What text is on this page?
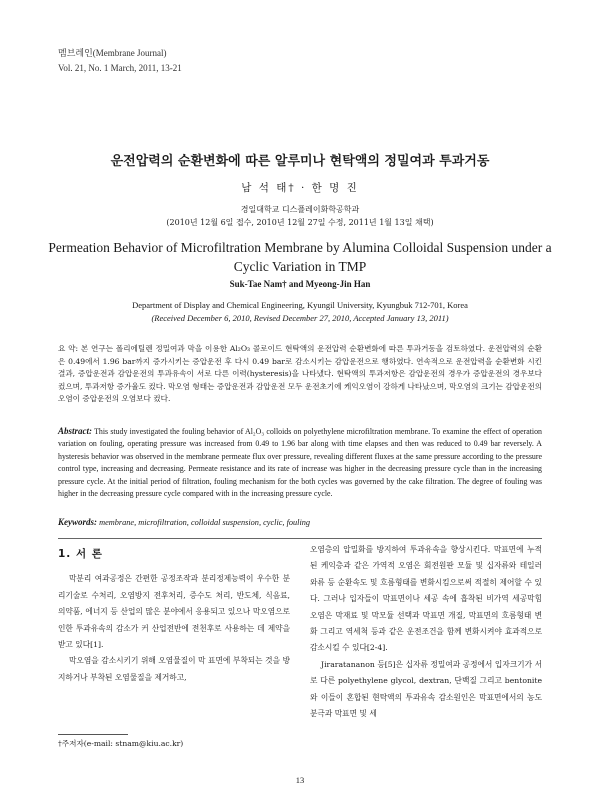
멤브레인(Membrane Journal)
Vol. 21, No. 1 March, 2011, 13-21
운전압력의 순환변화에 따른 알루미나 현탁액의 정밀여과 투과거동
남 석 태† · 한 명 진
경일대학교 디스플레이화학공학과
(2010년 12월 6일 접수, 2010년 12월 27일 수정, 2011년 1월 13일 채택)
Permeation Behavior of Microfiltration Membrane by Alumina Colloidal Suspension under a Cyclic Variation in TMP
Suk-Tae Nam† and Myeong-Jin Han
Department of Display and Chemical Engineering, Kyungil University, Kyungbuk 712-701, Korea
(Received December 6, 2010, Revised December 27, 2010, Accepted January 13, 2011)
요 약: 본 연구는 폴리에틸렌 정밀여과 막을 이용한 Al₂O₃ 콜로이드 현탁액의 운전압력 순환변화에 따른 투과거동을 검토하였다. 운전압력의 순환은 0.49에서 1.96 bar까지 증가시키는 증압운전 후 다시 0.49 bar로 감소시키는 감압운전으로 행하였다. 연속적으로 운전압력을 순환변화 시킨 결과, 증압운전과 감압운전의 투과유속이 서로 다른 이력(hysteresis)을 나타냈다. 현탁액의 투과저항은 감압운전의 경우가 증압운전의 경우보다 컸으며, 투과저항 증가율도 컸다. 막오염 형태는 증압운전과 감압운전 모두 운전초기에 케익오염이 강하게 나타났으며, 막오염의 크기는 감압운전의 오염이 증압운전의 오염보다 컸다.
Abstract: This study investigated the fouling behavior of Al₂O₃ colloids on polyethylene microfiltration membrane. To examine the effect of operation variation on fouling, operating pressure was increased from 0.49 to 1.96 bar along with time elapses and then was reduced to 0.49 bar reversely. A hysteresis behavior was observed in the membrane permeate flux over pressure, revealing different fluxes at the same pressure according to the pressure control type, increasing and decreasing. Permeate resistance and its rate of increase was higher in the decreasing pressure cycle than in the increasing pressure cycle. At the initial period of filtration, fouling mechanism for the both cycles was governed by the cake filtration. The degree of fouling was higher in the decreasing pressure cycle compared with in the increasing pressure cycle.
Keywords: membrane, microfiltration, colloidal suspension, cyclic, fouling
1. 서 론

막분리 여과공정은 간편한 공정조작과 분리정제능력이 우수한 분리기술로 수처리, 오염방지 전후처리, 증수도 처리, 반도체, 식음료, 의약품, 에너지 등 산업의 많은 분야에서 응용되고 있으나 막오염으로 인한 투과유속의 감소가 커 산업전반에 전천후로 사용하는 데 제약을 받고 있다[1].

막오염을 감소시키기 위해 오염물질이 막 표면에 부착되는 것을 방지하거나 부착된 오염물질을 제거하고,

오염층의 압밀화를 방지하여 투과유속을 향상시킨다. 막표면에 누적된 케익층과 같은 가역적 오염은 회전원판 모듈 및 십자류와 테일러 와류 등 순환속도 및 흐름형태를 변화시킴으로써 적절히 제어할 수 있다. 그러나 입자들이 막표면이나 세공 속에 흡착된 비가역 세공막힘 오염은 막재료 및 막모듈 선택과 막표면 개질, 막표면의 흐름형태 변화 그리고 역세척 등과 같은 운전조건을 함께 변화시켜야 효과적으로 감소시킬 수 있다[2-4].

Jiraratananon 등[5]은 십자류 정밀여과 공정에서 입자크기가 서로 다른 polyethylene glycol, dextran, 단백질 그리고 bentonite와 이들이 혼합된 현탁액의 투과유속 감소원인은 막표면에서의 농도분극과 막표면 및 세

†주저자(e-mail: stnam@kiu.ac.kr)
13
